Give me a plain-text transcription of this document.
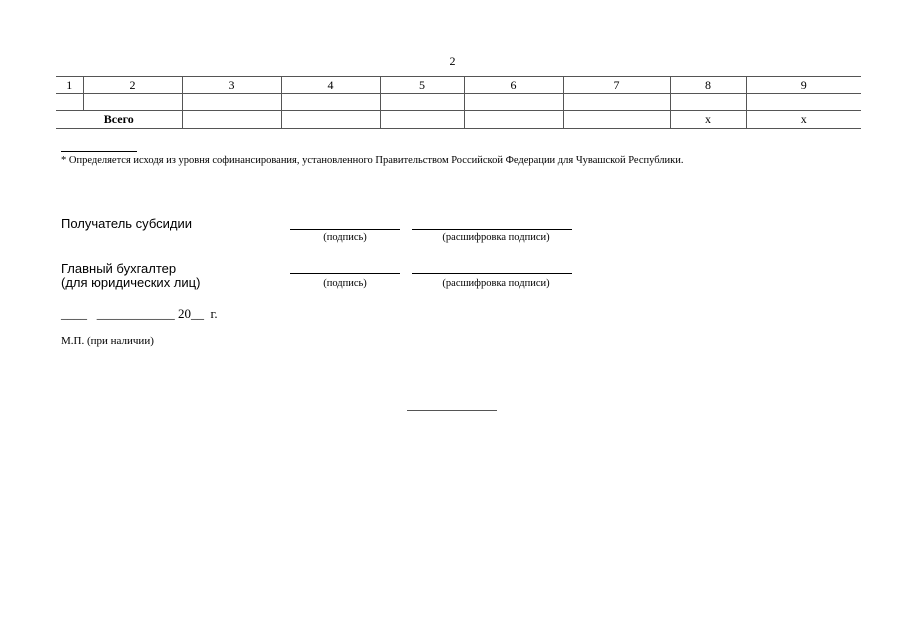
2
1	2	3	4	5	6	7	8	9

Всего							x	x
* Определяется исходя из уровня софинансирования, установленного Правительством Российской Федерации для Чувашской Республики.
Получатель субсидии
(подпись)	(расшифровка подписи)
Главный бухгалтер
(для юридических лиц)	(подпись)	(расшифровка подписи)
____   ____________ 20__  г.
М.П. (при наличии)
